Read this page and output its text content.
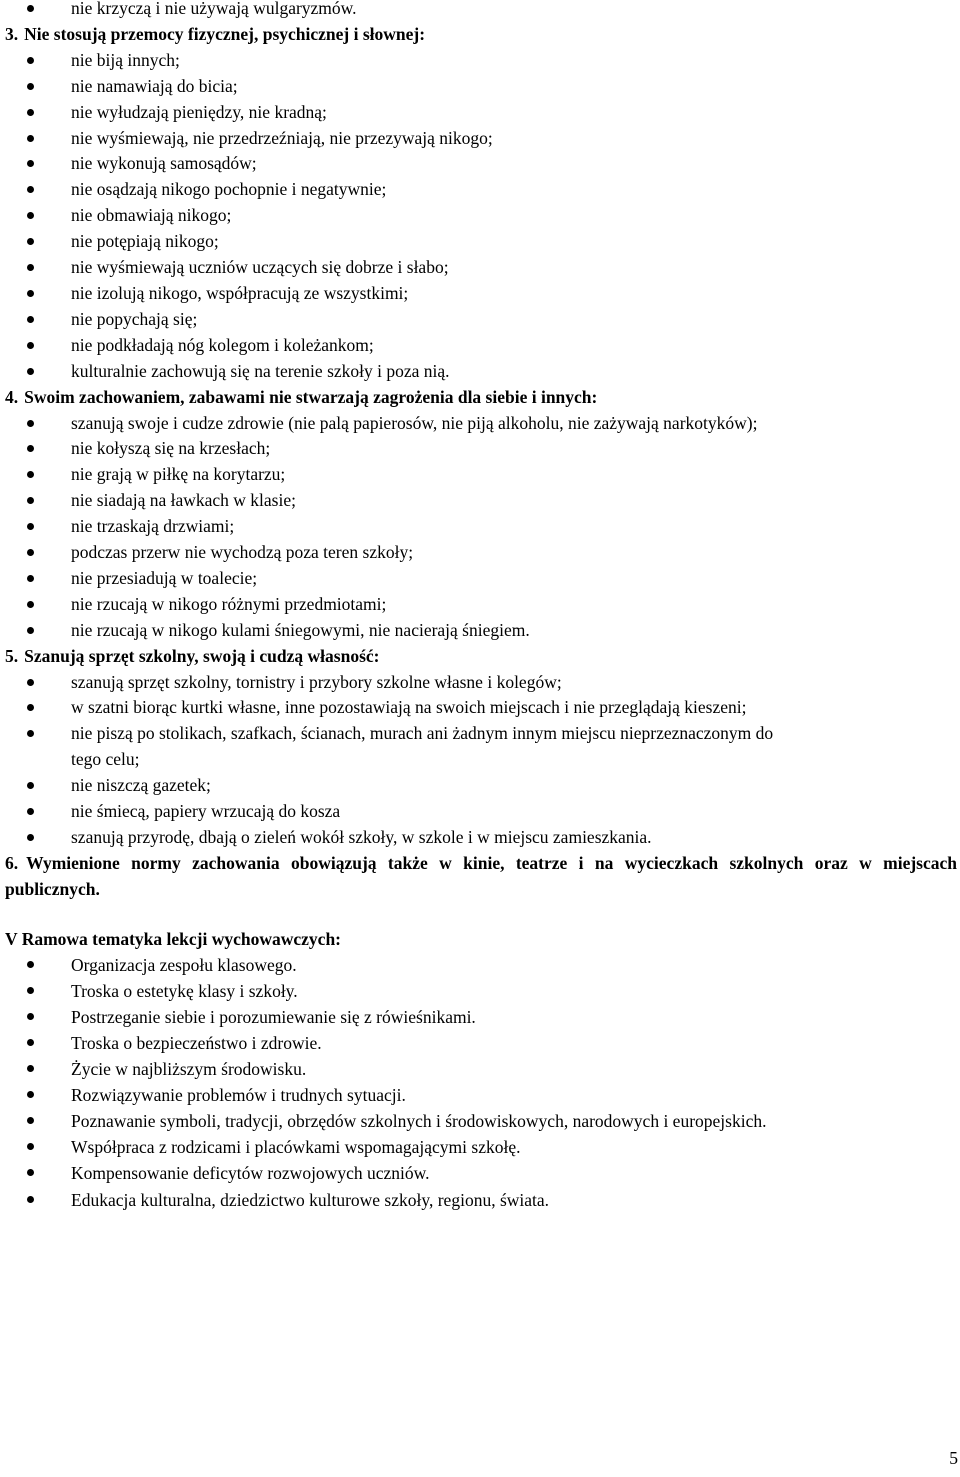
nie krzyczą i nie używają wulgaryzmów.

3. Nie stosują przemocy fizycznej, psychicznej i słownej:

nie biją innych;
nie namawiają do bicia;
nie wyłudzają pieniędzy, nie kradną;
nie wyśmiewają, nie przedrzeźniają, nie przezywają nikogo;
nie wykonują samosądów;
nie osądzają nikogo pochopnie i negatywnie;
nie obmawiają nikogo;
nie potępiają nikogo;
nie wyśmiewają uczniów uczących się dobrze i słabo;
nie izolują nikogo, współpracują ze wszystkimi;
nie popychają się;
nie podkładają nóg kolegom i koleżankom;
kulturalnie zachowują się na terenie szkoły i poza nią.

4. Swoim zachowaniem, zabawami nie stwarzają zagrożenia dla siebie i innych:

szanują swoje i cudze zdrowie (nie palą papierosów, nie piją alkoholu, nie zażywają narkotyków);
nie kołyszą się na krzesłach;
nie grają w piłkę na korytarzu;
nie siadają na ławkach w klasie;
nie trzaskają drzwiami;
podczas przerw nie wychodzą poza teren szkoły;
nie przesiadują w toalecie;
nie rzucają w nikogo różnymi przedmiotami;
nie rzucają w nikogo kulami śniegowymi, nie nacierają śniegiem.

5. Szanują sprzęt szkolny, swoją i cudzą własność:

szanują sprzęt szkolny, tornistry i przybory szkolne własne i kolegów;
w szatni biorąc kurtki własne, inne pozostawiają na swoich miejscach i nie przeglądają kieszeni;
nie piszą po stolikach, szafkach, ścianach, murach ani żadnym innym miejscu nieprzeznaczonym do
tego celu;
nie niszczą gazetek;
nie śmiecą, papiery wrzucają do kosza
szanują przyrodę, dbają o zieleń wokół szkoły, w szkole i w miejscu zamieszkania.

6. Wymienione normy zachowania obowiązują także w kinie, teatrze i na wycieczkach szkolnych oraz w miejscach publicznych.

V Ramowa tematyka lekcji wychowawczych:

Organizacja zespołu klasowego.
Troska o estetykę klasy i szkoły.
Postrzeganie siebie i porozumiewanie się z rówieśnikami.
Troska o bezpieczeństwo i zdrowie.
Życie w najbliższym środowisku.
Rozwiązywanie problemów i trudnych sytuacji.
Poznawanie symboli, tradycji, obrzędów szkolnych i środowiskowych, narodowych i europejskich.
Współpraca z rodzicami i placówkami wspomagającymi szkołę.
Kompensowanie deficytów rozwojowych uczniów.
Edukacja kulturalna, dziedzictwo kulturowe szkoły, regionu, świata.
5
